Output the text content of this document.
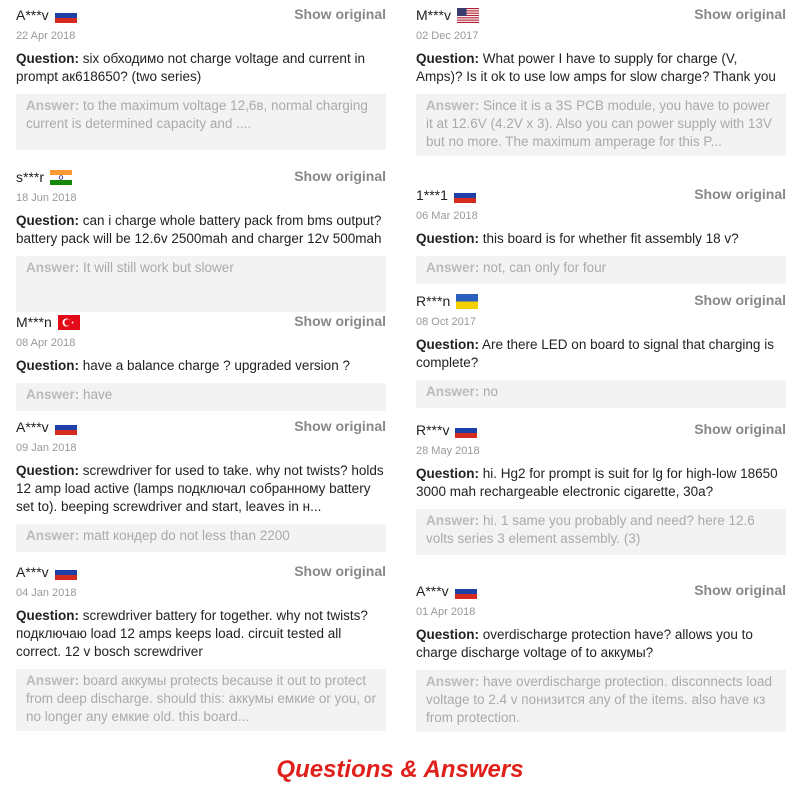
A***v	Show original
22 Apr 2018
Question: six обходимо not charge voltage and current in prompt ак618650? (two series)
Answer: to the maximum voltage 12,6в, normal charging current is determined capacity and ....
s***r	Show original
18 Jun 2018
Question: can i charge whole battery pack from bms output? battery pack will be 12.6v 2500mah and charger 12v 500mah
Answer: It will still work but slower
M***n	Show original
08 Apr 2018
Question: have a balance charge ? upgraded version ?
Answer: have
A***v	Show original
09 Jan 2018
Question: screwdriver for used to take. why not twists? holds 12 amp load active (lamps подключал собранному battery set to). beeping screwdriver and start, leaves in н...
Answer: matt кондер do not less than 2200
A***v	Show original
04 Jan 2018
Question: screwdriver battery for together. why not twists? подключаю load 12 amps keeps load. circuit tested all correct. 12 v bosch screwdriver
Answer: board аккумы protects because it out to protect from deep discharge. should this: аккумы емкие or you, or no longer any емкие old. this board...
M***v	Show original
02 Dec 2017
Question: What power I have to supply for charge (V, Amps)? Is it ok to use low amps for slow charge? Thank you
Answer: Since it is a 3S PCB module, you have to power it at 12.6V (4.2V x 3). Also you can power supply with 13V but no more. The maximum amperage for this P...
1***1	Show original
06 Mar 2018
Question: this board is for whether fit assembly 18 v?
Answer: not, can only for four
R***n	Show original
08 Oct 2017
Question: Are there LED on board to signal that charging is complete?
Answer: no
R***v	Show original
28 May 2018
Question: hi. Hg2 for prompt is suit for lg for high-low 18650 3000 mah rechargeable electronic cigarette, 30a?
Answer: hi. 1 same you probably and need? here 12.6 volts series 3 element assembly. (3)
A***v	Show original
01 Apr 2018
Question: overdischarge protection have? allows you to charge discharge voltage of to аккумы?
Answer: have overdischarge protection. disconnects load voltage to 2.4 v понизится any of the items. also have кз from protection.
Questions & Answers
